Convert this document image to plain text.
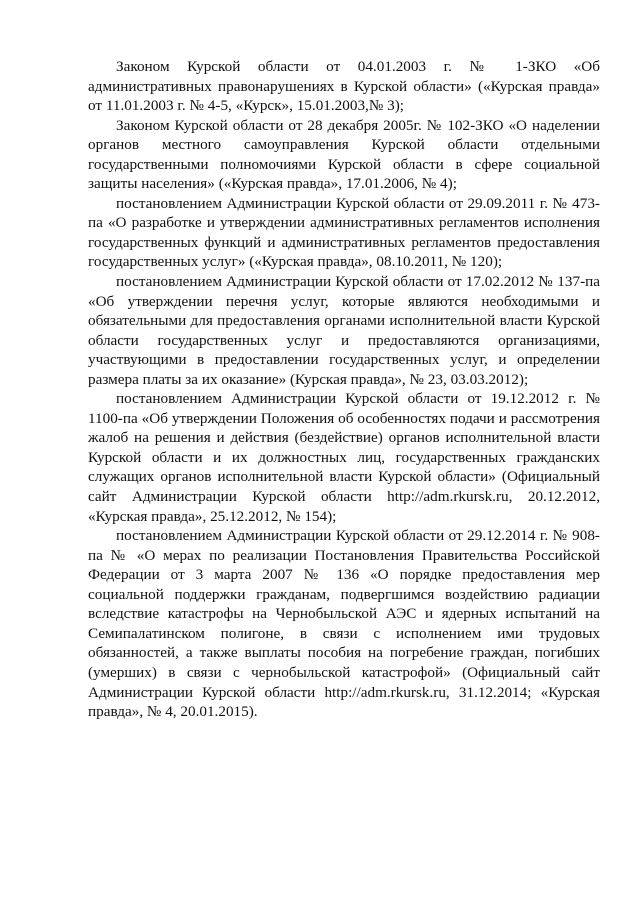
Законом Курской области от 04.01.2003 г. № 1-ЗКО «Об административных правонарушениях в Курской области» («Курская правда» от 11.01.2003 г. № 4-5, «Курск», 15.01.2003,№ 3);

Законом Курской области от 28 декабря 2005г. № 102-ЗКО «О наделении органов местного самоуправления Курской области отдельными государственными полномочиями Курской области в сфере социальной защиты населения» («Курская правда», 17.01.2006, № 4);

постановлением Администрации Курской области от 29.09.2011 г. № 473-па «О разработке и утверждении административных регламентов исполнения государственных функций и административных регламентов предоставления государственных услуг» («Курская правда», 08.10.2011, № 120);

постановлением Администрации Курской области от 17.02.2012 № 137-па «Об утверждении перечня услуг, которые являются необходимыми и обязательными для предоставления органами исполнительной власти Курской области государственных услуг и предоставляются организациями, участвующими в предоставлении государственных услуг, и определении размера платы за их оказание» (Курская правда», № 23, 03.03.2012);

постановлением Администрации Курской области от 19.12.2012 г. № 1100-па «Об утверждении Положения об особенностях подачи и рассмотрения жалоб на решения и действия (бездействие) органов исполнительной власти Курской области и их должностных лиц, государственных гражданских служащих органов исполнительной власти Курской области» (Официальный сайт Администрации Курской области http://adm.rkursk.ru, 20.12.2012, «Курская правда», 25.12.2012, № 154);

постановлением Администрации Курской области от 29.12.2014 г. № 908-па № «О мерах по реализации Постановления Правительства Российской Федерации от 3 марта 2007 № 136 «О порядке предоставления мер социальной поддержки гражданам, подвергшимся воздействию радиации вследствие катастрофы на Чернобыльской АЭС и ядерных испытаний на Семипалатинском полигоне, в связи с исполнением ими трудовых обязанностей, а также выплаты пособия на погребение граждан, погибших (умерших) в связи с чернобыльской катастрофой» (Официальный сайт Администрации Курской области http://adm.rkursk.ru, 31.12.2014; «Курская правда», № 4, 20.01.2015).
